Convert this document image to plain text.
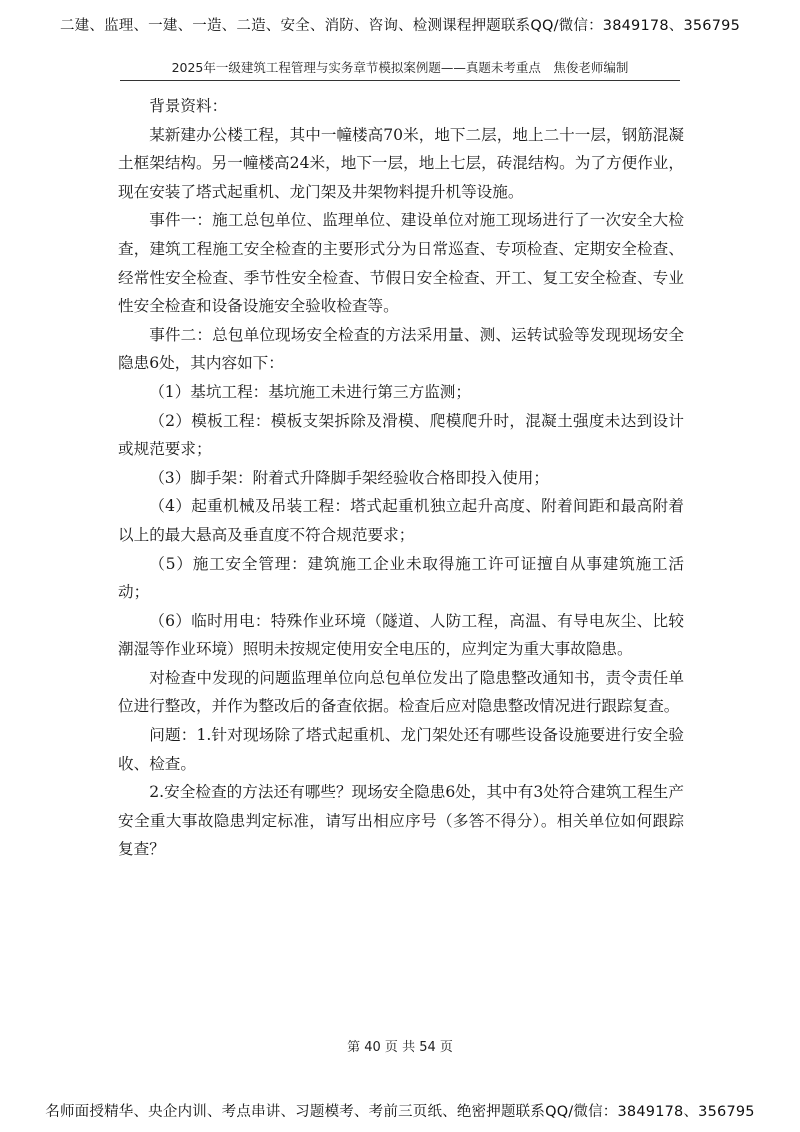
二建、监理、一建、一造、二造、安全、消防、咨询、检测课程押题联系QQ/微信：3849178、356795
2025年一级建筑工程管理与实务章节模拟案例题——真题未考重点　焦俊老师编制

背景资料：

某新建办公楼工程，其中一幢楼高70米，地下二层，地上二十一层，钢筋混凝土框架结构。另一幢楼高24米，地下一层，地上七层，砖混结构。为了方便作业，现在安装了塔式起重机、龙门架及井架物料提升机等设施。

事件一：施工总包单位、监理单位、建设单位对施工现场进行了一次安全大检查，建筑工程施工安全检查的主要形式分为日常巡查、专项检查、定期安全检查、经常性安全检查、季节性安全检查、节假日安全检查、开工、复工安全检查、专业性安全检查和设备设施安全验收检查等。

事件二：总包单位现场安全检查的方法采用量、测、运转试验等发现现场安全隐患6处，其内容如下：

（1）基坑工程：基坑施工未进行第三方监测；

（2）模板工程：模板支架拆除及滑模、爬模爬升时，混凝土强度未达到设计或规范要求；

（3）脚手架：附着式升降脚手架经验收合格即投入使用；

（4）起重机械及吊装工程：塔式起重机独立起升高度、附着间距和最高附着以上的最大悬高及垂直度不符合规范要求；

（5）施工安全管理：建筑施工企业未取得施工许可证擅自从事建筑施工活动；

（6）临时用电：特殊作业环境（隧道、人防工程，高温、有导电灰尘、比较潮湿等作业环境）照明未按规定使用安全电压的，应判定为重大事故隐患。

对检查中发现的问题监理单位向总包单位发出了隐患整改通知书，责令责任单位进行整改，并作为整改后的备查依据。检查后应对隐患整改情况进行跟踪复查。

问题：1.针对现场除了塔式起重机、龙门架处还有哪些设备设施要进行安全验收、检查。

2.安全检查的方法还有哪些？现场安全隐患6处，其中有3处符合建筑工程生产安全重大事故隐患判定标准，请写出相应序号（多答不得分）。相关单位如何跟踪复查？

第 40 页 共 54 页
名师面授精华、央企内训、考点串讲、习题模考、考前三页纸、绝密押题联系QQ/微信：3849178、356795
